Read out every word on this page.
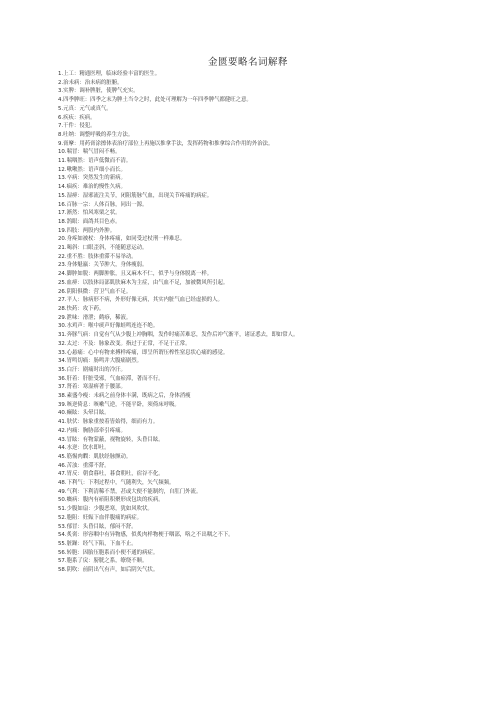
金匮要略名词解释
1.上工：精通医理，临床经验丰富的医生。
2.治未病：治未病的脏腑。
3.实脾：调补脾脏，使脾气充实。
4.四季脾旺：四季之末为脾土当令之时，此处可理解为一年四季脾气都健旺之意。
5.元真：元气或真气。
6.疾疢：疾病。
7.干件：侵犯。
8.吐纳：调整呼吸的养生方法。
9.膏摩：用药膏涂擦体表治疗部位上再施以推拿手法，发挥药物和推拿综合作用的外治法。
10.喘冒：喘气冒闷不畅。
11.喘咽然：语声低微而不清。
12.啾啾然：语声细小而长。
13.卒病：突然发生的新病。
14.痼疾：难治的慢性久病。
15.湿痹：湿邪流注关节，闭阻筋脉气血，出现关节疼痛的病症。
16.百脉一宗：人体百脉，同出一源。
17.淅然：怕风寒栗之状。
18.鹄眼：面鸽其目色赤。
19.四肢：两股内外肿。
20.身疼如被杖：身体疼痛，如同受过杖刑一样难忍。
21.喝斜：口眼歪斜，不能随意运动。
22.重不胜：肢体重滞不易举动。
23.身体魁羸：关节肿大，身体瘦弱。
24.脚肿如脱：两脚肿胀，且又麻木不仁，似乎与身体脱离一样。
25.血痹：以肢体局部肌肤麻木为主症，由气血不足，加被微风所引起。
26.阴阳俱微：营卫气血不足。
27.平人：脉病形不病，外形好像无病，其实内脏气血已经虚损的人。
28.快药：攻下药。
29.泄味：滑泄；鹤痧，稀液。
30.水鸡声：喉中痰声好像蛙鸣连连不绝。
31.奔豚气病：自觉有气从少腹上冲胸咽，发作时痛苦难忍，发作后冲气渐平，诸证悉去，即如常人。
32.太过：不及：脉象改变。指过于正常，不足于正常。
33.心悬痛：心中有物来搏样疼痛，即呈所谓压榨性窒息状心痛的感觉。
34.胃鸣切痛：肠鸣并大腹痛剧烈。
35.白汗：剧痛时出的冷汗。
36.肝着：肝脏受邪，气血瘀滞，著而不行。
37.肾着：寒湿痹著于腰部。
38.素盛今瘦：未病之前身体丰满，既病之后，身体消瘦
39.咳逆倚息：咳嗽气逆，不能平卧，须倚床呼吸。
40.癫眩：头晕目眩。
41.肤伏：脉象重按着皆始得，细而有力。
42.内痛：胸胁部牵引疼痛。
43.冒眩：有物蒙蔽，视物旋转，头昏目眩。
44.水逆：饮水即吐。
45.筋惕肉瞤：肌肤经脉颤动。
46.苦浊：重滞不舒。
47.胃反：朝食暮吐，暮食朝吐，宿谷不化。
48.下利气：下利过程中，气随利失，矢气频频。
49.气利：下利清稀不禁，甚或大便不能制约，自肛门外流。
50.癥病：腹内有瘀阻积聚形成包块的疾病。
51.少腹如扇：少腹恶寒，犹如风吹状。
52.胞阻：妊娠下血伴腹痛的病症。
53.郁冒：头昏目眩，郁闷不舒。
54.炙脔：形容咽中有异物感，似炙肉样物梗于咽部，咯之不出咽之不下。
55.脏躁：经气下陷，下血不止。
56.转胞：因胎压胞系而小便不通的病症。
57.胞系了戾：膀胱之系，缭绕不顺。
58.阴吹：前阴出气有声，如后阴矢气状。
